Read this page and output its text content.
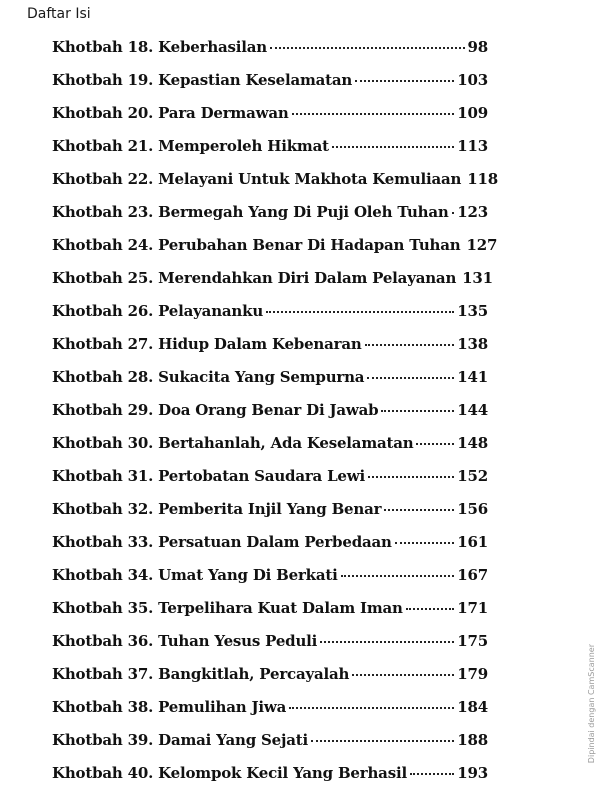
Daftar Isi
Khotbah 18. Keberhasilan	98
Khotbah 19. Kepastian Keselamatan	103
Khotbah 20. Para Dermawan	109
Khotbah 21. Memperoleh Hikmat	113
Khotbah 22. Melayani Untuk Makhota Kemuliaan 118
Khotbah 23. Bermegah Yang Di Puji Oleh Tuhan 123
Khotbah 24. Perubahan Benar Di Hadapan Tuhan 127
Khotbah 25. Merendahkan Diri Dalam Pelayanan 131
Khotbah 26. Pelayananku	135
Khotbah 27. Hidup Dalam Kebenaran	138
Khotbah 28. Sukacita Yang Sempurna	141
Khotbah 29. Doa Orang Benar Di Jawab	144
Khotbah 30. Bertahanlah, Ada Keselamatan	148
Khotbah 31. Pertobatan Saudara Lewi	152
Khotbah 32. Pemberita Injil Yang Benar	156
Khotbah 33. Persatuan Dalam Perbedaan	161
Khotbah 34. Umat Yang Di Berkati	167
Khotbah 35. Terpelihara Kuat Dalam Iman	171
Khotbah 36. Tuhan Yesus Peduli	175
Khotbah 37. Bangkitlah, Percayalah	179
Khotbah 38. Pemulihan Jiwa	184
Khotbah 39. Damai Yang Sejati	188
Khotbah 40. Kelompok Kecil Yang Berhasil	193
Dipindai dengan CamScanner
